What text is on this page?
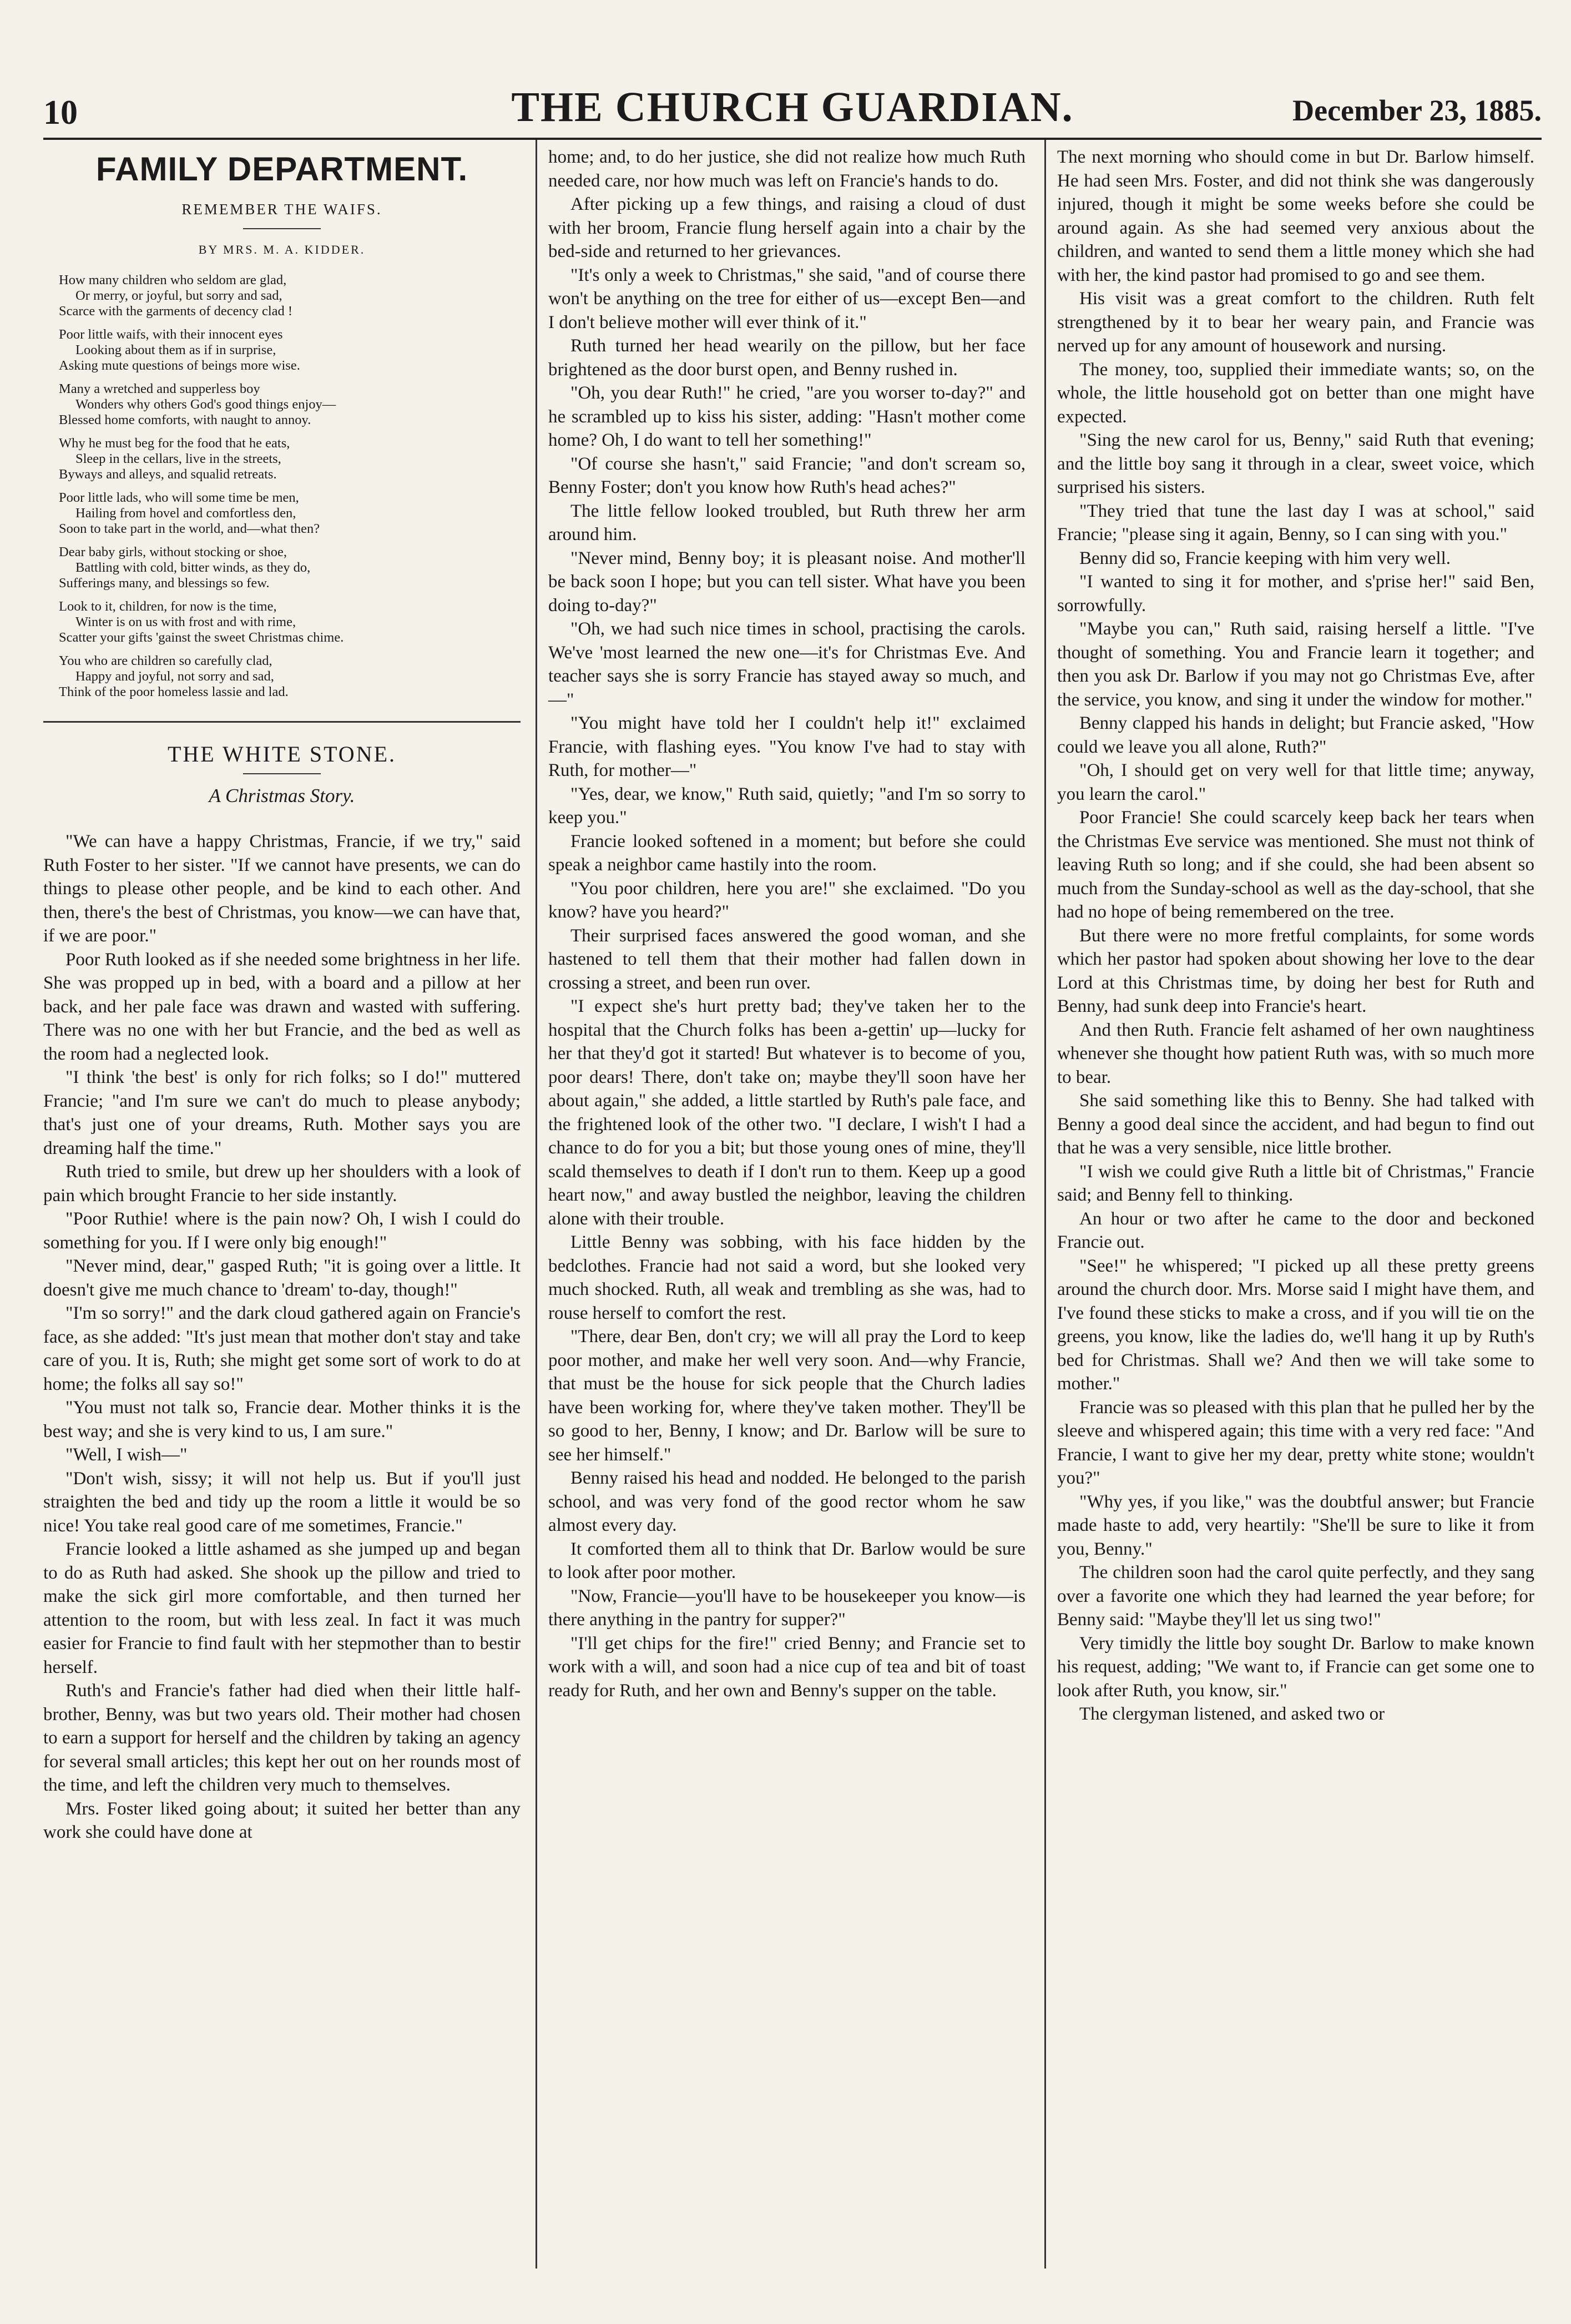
10	THE CHURCH GUARDIAN.	December 23, 1885.
FAMILY DEPARTMENT.
REMEMBER THE WAIFS.
BY MRS. M. A. KIDDER.
How many children who seldom are glad,
Or merry, or joyful, but sorry and sad,
Scarce with the garments of decency clad !
Poor little waifs, with their innocent eyes
Looking about them as if in surprise,
Asking mute questions of beings more wise.
Many a wretched and supperless boy
Wonders why others God's good things enjoy—
Blessed home comforts, with naught to annoy.
Why he must beg for the food that he eats,
Sleep in the cellars, live in the streets,
Byways and alleys, and squalid retreats.
Poor little lads, who will some time be men,
Hailing from hovel and comfortless den,
Soon to take part in the world, and—what then?
Dear baby girls, without stocking or shoe,
Battling with cold, bitter winds, as they do,
Sufferings many, and blessings so few.
Look to it, children, for now is the time,
Winter is on us with frost and with rime,
Scatter your gifts 'gainst the sweet Christmas chime.
You who are children so carefully clad,
Happy and joyful, not sorry and sad,
Think of the poor homeless lassie and lad.
THE WHITE STONE.
A Christmas Story.

"We can have a happy Christmas, Francie, if we try," said Ruth Foster to her sister. "If we cannot have presents, we can do things to please other people, and be kind to each other. And then, there's the best of Christmas, you know—we can have that, if we are poor."

Poor Ruth looked as if she needed some brightness in her life. She was propped up in bed, with a board and a pillow at her back, and her pale face was drawn and wasted with suffering. There was no one with her but Francie, and the bed as well as the room had a neglected look.

"I think 'the best' is only for rich folks; so I do!" muttered Francie; "and I'm sure we can't do much to please anybody; that's just one of your dreams, Ruth. Mother says you are dreaming half the time."

Ruth tried to smile, but drew up her shoulders with a look of pain which brought Francie to her side instantly.

"Poor Ruthie! where is the pain now? Oh, I wish I could do something for you. If I were only big enough!"

"Never mind, dear," gasped Ruth; "it is going over a little. It doesn't give me much chance to 'dream' to-day, though!"

"I'm so sorry!" and the dark cloud gathered again on Francie's face, as she added: "It's just mean that mother don't stay and take care of you. It is, Ruth; she might get some sort of work to do at home; the folks all say so!"

"You must not talk so, Francie dear. Mother thinks it is the best way; and she is very kind to us, I am sure."

"Well, I wish—"

"Don't wish, sissy; it will not help us. But if you'll just straighten the bed and tidy up the room a little it would be so nice! You take real good care of me sometimes, Francie."

Francie looked a little ashamed as she jumped up and began to do as Ruth had asked. She shook up the pillow and tried to make the sick girl more comfortable, and then turned her attention to the room, but with less zeal. In fact it was much easier for Francie to find fault with her stepmother than to bestir herself.

Ruth's and Francie's father had died when their little half-brother, Benny, was but two years old. Their mother had chosen to earn a support for herself and the children by taking an agency for several small articles; this kept her out on her rounds most of the time, and left the children very much to themselves.

Mrs. Foster liked going about; it suited her better than any work she could have done at

home; and, to do her justice, she did not realize how much Ruth needed care, nor how much was left on Francie's hands to do.

After picking up a few things, and raising a cloud of dust with her broom, Francie flung herself again into a chair by the bed-side and returned to her grievances.

"It's only a week to Christmas," she said, "and of course there won't be anything on the tree for either of us—except Ben—and I don't believe mother will ever think of it."

Ruth turned her head wearily on the pillow, but her face brightened as the door burst open, and Benny rushed in.

"Oh, you dear Ruth!" he cried, "are you worser to-day?" and he scrambled up to kiss his sister, adding: "Hasn't mother come home? Oh, I do want to tell her something!"

"Of course she hasn't," said Francie; "and don't scream so, Benny Foster; don't you know how Ruth's head aches?"

The little fellow looked troubled, but Ruth threw her arm around him.

"Never mind, Benny boy; it is pleasant noise. And mother'll be back soon I hope; but you can tell sister. What have you been doing to-day?"

"Oh, we had such nice times in school, practising the carols. We've 'most learned the new one—it's for Christmas Eve. And teacher says she is sorry Francie has stayed away so much, and—"

"You might have told her I couldn't help it!" exclaimed Francie, with flashing eyes. "You know I've had to stay with Ruth, for mother—"

"Yes, dear, we know," Ruth said, quietly; "and I'm so sorry to keep you."

Francie looked softened in a moment; but before she could speak a neighbor came hastily into the room.

"You poor children, here you are!" she exclaimed. "Do you know? have you heard?"

Their surprised faces answered the good woman, and she hastened to tell them that their mother had fallen down in crossing a street, and been run over.

"I expect she's hurt pretty bad; they've taken her to the hospital that the Church folks has been a-gettin' up—lucky for her that they'd got it started! But whatever is to become of you, poor dears! There, don't take on; maybe they'll soon have her about again," she added, a little startled by Ruth's pale face, and the frightened look of the other two. "I declare, I wish't I had a chance to do for you a bit; but those young ones of mine, they'll scald themselves to death if I don't run to them. Keep up a good heart now," and away bustled the neighbor, leaving the children alone with their trouble.

Little Benny was sobbing, with his face hidden by the bedclothes. Francie had not said a word, but she looked very much shocked. Ruth, all weak and trembling as she was, had to rouse herself to comfort the rest.

"There, dear Ben, don't cry; we will all pray the Lord to keep poor mother, and make her well very soon. And—why Francie, that must be the house for sick people that the Church ladies have been working for, where they've taken mother. They'll be so good to her, Benny, I know; and Dr. Barlow will be sure to see her himself."

Benny raised his head and nodded. He belonged to the parish school, and was very fond of the good rector whom he saw almost every day.

It comforted them all to think that Dr. Barlow would be sure to look after poor mother.

"Now, Francie—you'll have to be housekeeper you know—is there anything in the pantry for supper?"

"I'll get chips for the fire!" cried Benny; and Francie set to work with a will, and soon had a nice cup of tea and bit of toast ready for Ruth, and her own and Benny's supper on the table.

The next morning who should come in but Dr. Barlow himself. He had seen Mrs. Foster, and did not think she was dangerously injured, though it might be some weeks before she could be around again. As she had seemed very anxious about the children, and wanted to send them a little money which she had with her, the kind pastor had promised to go and see them.

His visit was a great comfort to the children. Ruth felt strengthened by it to bear her weary pain, and Francie was nerved up for any amount of housework and nursing.

The money, too, supplied their immediate wants; so, on the whole, the little household got on better than one might have expected.

"Sing the new carol for us, Benny," said Ruth that evening; and the little boy sang it through in a clear, sweet voice, which surprised his sisters.

"They tried that tune the last day I was at school," said Francie; "please sing it again, Benny, so I can sing with you."

Benny did so, Francie keeping with him very well.

"I wanted to sing it for mother, and s'prise her!" said Ben, sorrowfully.

"Maybe you can," Ruth said, raising herself a little. "I've thought of something. You and Francie learn it together; and then you ask Dr. Barlow if you may not go Christmas Eve, after the service, you know, and sing it under the window for mother."

Benny clapped his hands in delight; but Francie asked, "How could we leave you all alone, Ruth?"

"Oh, I should get on very well for that little time; anyway, you learn the carol."

Poor Francie! She could scarcely keep back her tears when the Christmas Eve service was mentioned. She must not think of leaving Ruth so long; and if she could, she had been absent so much from the Sunday-school as well as the day-school, that she had no hope of being remembered on the tree.

But there were no more fretful complaints, for some words which her pastor had spoken about showing her love to the dear Lord at this Christmas time, by doing her best for Ruth and Benny, had sunk deep into Francie's heart.

And then Ruth. Francie felt ashamed of her own naughtiness whenever she thought how patient Ruth was, with so much more to bear.

She said something like this to Benny. She had talked with Benny a good deal since the accident, and had begun to find out that he was a very sensible, nice little brother.

"I wish we could give Ruth a little bit of Christmas," Francie said; and Benny fell to thinking.

An hour or two after he came to the door and beckoned Francie out.

"See!" he whispered; "I picked up all these pretty greens around the church door. Mrs. Morse said I might have them, and I've found these sticks to make a cross, and if you will tie on the greens, you know, like the ladies do, we'll hang it up by Ruth's bed for Christmas. Shall we? And then we will take some to mother."

Francie was so pleased with this plan that he pulled her by the sleeve and whispered again; this time with a very red face: "And Francie, I want to give her my dear, pretty white stone; wouldn't you?"

"Why yes, if you like," was the doubtful answer; but Francie made haste to add, very heartily: "She'll be sure to like it from you, Benny."

The children soon had the carol quite perfectly, and they sang over a favorite one which they had learned the year before; for Benny said: "Maybe they'll let us sing two!"

Very timidly the little boy sought Dr. Barlow to make known his request, adding; "We want to, if Francie can get some one to look after Ruth, you know, sir."

The clergyman listened, and asked two or
